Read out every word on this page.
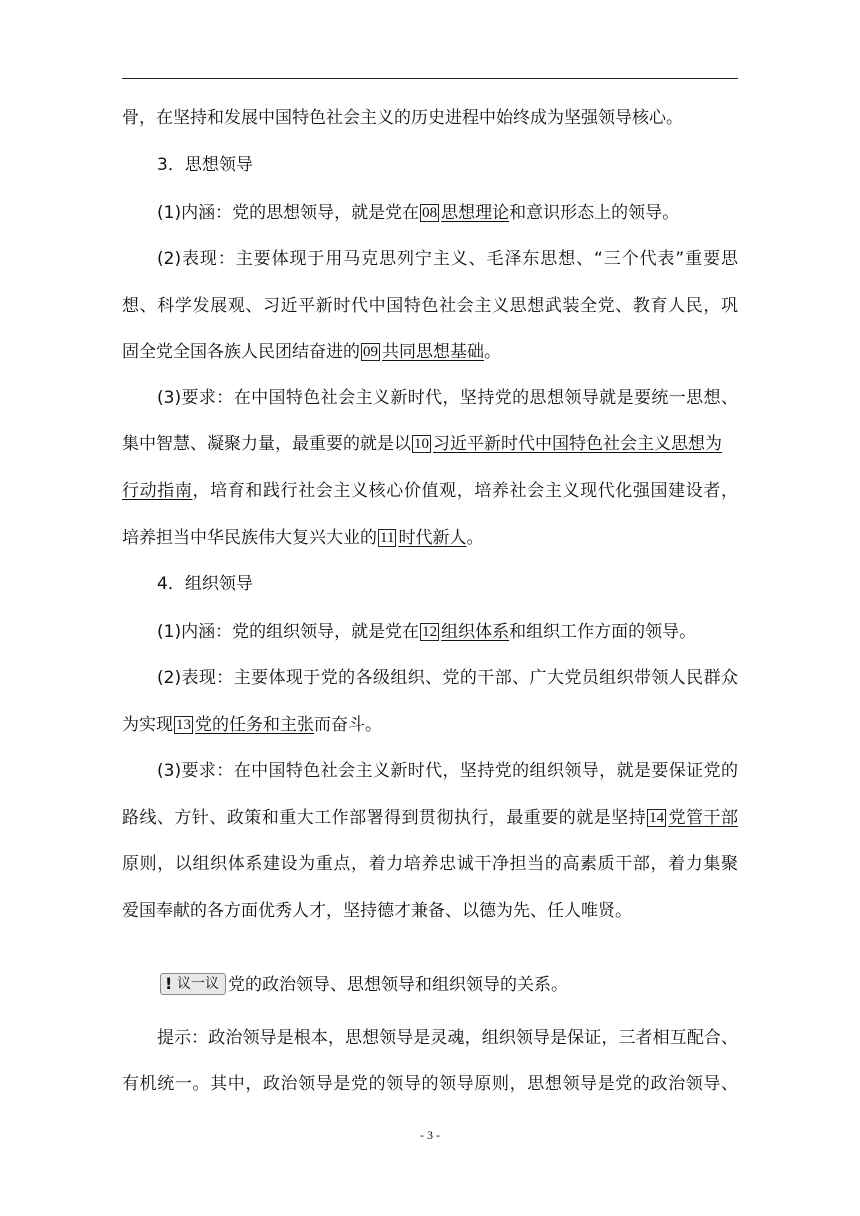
骨，在坚持和发展中国特色社会主义的历史进程中始终成为坚强领导核心。
3．思想领导
(1)内涵：党的思想领导，就是党在 08 思想理论和意识形态上的领导。
(2)表现：主要体现于用马克思列宁主义、毛泽东思想、“三个代表”重要思
想、科学发展观、习近平新时代中国特色社会主义思想武装全党、教育人民，巩
固全党全国各族人民团结奋进的 09 共同思想基础。
(3)要求：在中国特色社会主义新时代，坚持党的思想领导就是要统一思想、
集中智慧、凝聚力量，最重要的就是以 10 习近平新时代中国特色社会主义思想为
行动指南，培育和践行社会主义核心价值观，培养社会主义现代化强国建设者，
培养担当中华民族伟大复兴大业的 11 时代新人。
4．组织领导
(1)内涵：党的组织领导，就是党在 12 组织体系和组织工作方面的领导。
(2)表现：主要体现于党的各级组织、党的干部、广大党员组织带领人民群众
为实现 13 党的任务和主张而奋斗。
(3)要求：在中国特色社会主义新时代，坚持党的组织领导，就是要保证党的
路线、方针、政策和重大工作部署得到贯彻执行，最重要的就是坚持 14 党管干部
原则，以组织体系建设为重点，着力培养忠诚干净担当的高素质干部，着力集聚
爱国奉献的各方面优秀人才，坚持德才兼备、以德为先、任人唯贤。
! 议一议 党的政治领导、思想领导和组织领导的关系。
提示：政治领导是根本，思想领导是灵魂，组织领导是保证，三者相互配合、
有机统一。其中，政治领导是党的领导的领导原则，思想领导是党的政治领导、
- 3 -
